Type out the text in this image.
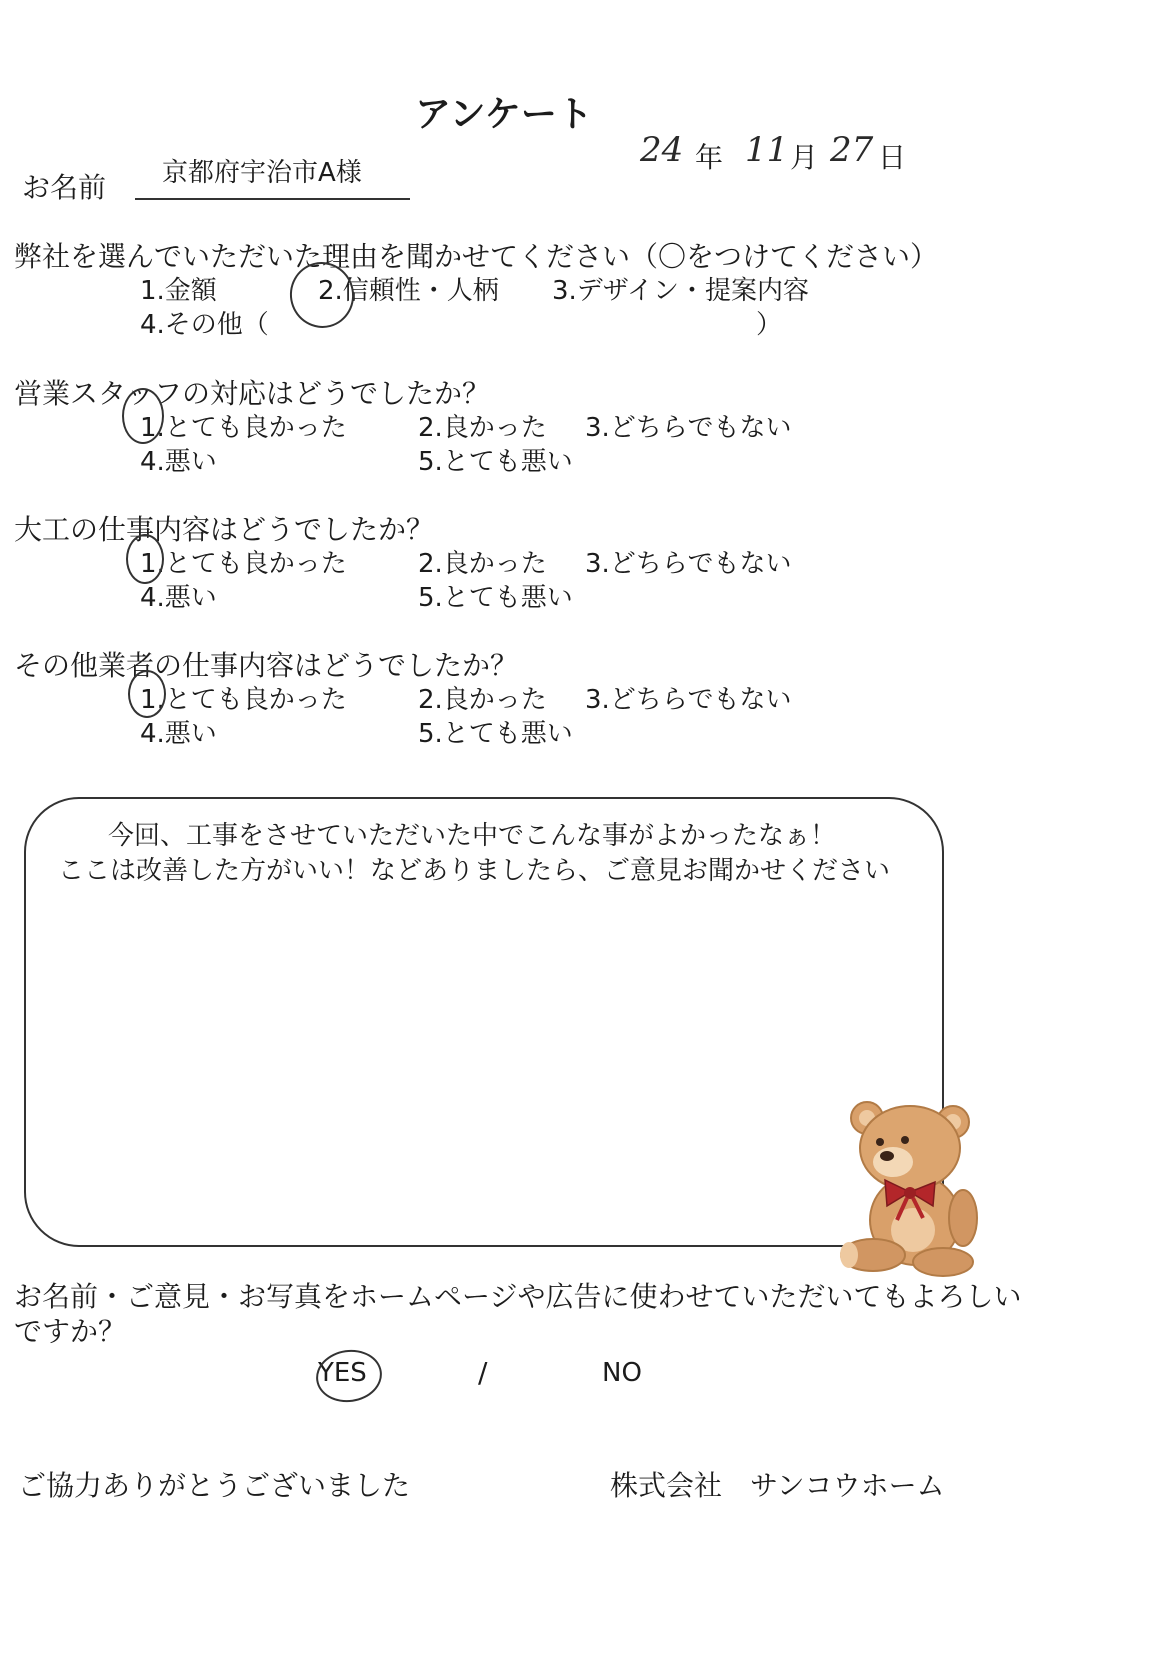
アンケート
24 年 11 月 27 日
お名前 京都府宇治市A様
弊社を選んでいただいた理由を聞かせてください（〇をつけてください）
1.金額	2.信頼性・人柄 3.デザイン・提案内容
4.その他（	）
営業スタッフの対応はどうでしたか？
1.とても良かった	2.良かった 3.どちらでもない
4.悪い	5.とても悪い
大工の仕事内容はどうでしたか？
1.とても良かった	2.良かった 3.どちらでもない
4.悪い	5.とても悪い
その他業者の仕事内容はどうでしたか？
1.とても良かった	2.良かった 3.どちらでもない
4.悪い	5.とても悪い
今回、工事をさせていただいた中でこんな事がよかったなぁ！
ここは改善した方がいい！などありましたら、ご意見お聞かせください
お名前・ご意見・お写真をホームページや広告に使わせていただいてもよろしい
ですか？
YES	/	NO
ご協力ありがとうございました	株式会社　サンコウホーム
